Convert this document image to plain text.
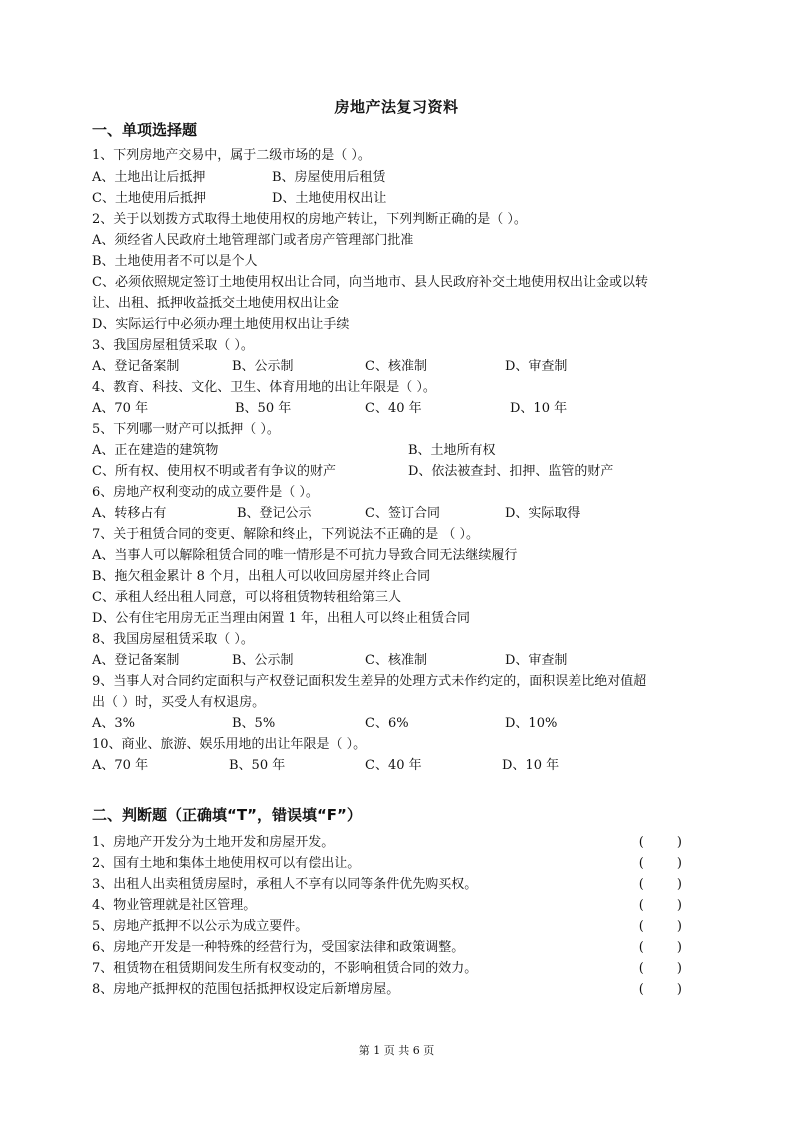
房地产法复习资料
一、单项选择题
1、下列房地产交易中，属于二级市场的是（ ）。
A、土地出让后抵押	B、房屋使用后租赁
C、土地使用后抵押	D、土地使用权出让
2、关于以划拨方式取得土地使用权的房地产转让，下列判断正确的是（ ）。
A、须经省人民政府土地管理部门或者房产管理部门批准
B、土地使用者不可以是个人
C、必须依照规定签订土地使用权出让合同，向当地市、县人民政府补交土地使用权出让金或以转
让、出租、抵押收益抵交土地使用权出让金
D、实际运行中必须办理土地使用权出让手续
3、我国房屋租赁采取（ ）。
A、登记备案制	B、公示制	C、核准制	D、审查制
4、教育、科技、文化、卫生、体育用地的出让年限是（ ）。
A、70 年	B、50 年	C、40 年	D、10 年
5、下列哪一财产可以抵押（ ）。
A、正在建造的建筑物	B、土地所有权
C、所有权、使用权不明或者有争议的财产	D、依法被查封、扣押、监管的财产
6、房地产权利变动的成立要件是（ ）。
A、转移占有	B、登记公示	C、签订合同	D、实际取得
7、关于租赁合同的变更、解除和终止，下列说法不正确的是 （ ）。
A、当事人可以解除租赁合同的唯一情形是不可抗力导致合同无法继续履行
B、拖欠租金累计 8 个月，出租人可以收回房屋并终止合同
C、承租人经出租人同意，可以将租赁物转租给第三人
D、公有住宅用房无正当理由闲置 1 年，出租人可以终止租赁合同
8、我国房屋租赁采取（ ）。
A、登记备案制	B、公示制	C、核准制	D、审查制
9、当事人对合同约定面积与产权登记面积发生差异的处理方式未作约定的，面积误差比绝对值超
出（ ）时，买受人有权退房。
A、3%	B、5%	C、6%	D、10%
10、商业、旅游、娱乐用地的出让年限是（ ）。
A、70 年	B、50 年	C、40 年	D、10 年
二、判断题（正确填“T”，错误填“F”）
1、房地产开发分为土地开发和房屋开发。	(        )
2、国有土地和集体土地使用权可以有偿出让。	(        )
3、出租人出卖租赁房屋时，承租人不享有以同等条件优先购买权。	(        )
4、物业管理就是社区管理。	(        )
5、房地产抵押不以公示为成立要件。	(        )
6、房地产开发是一种特殊的经营行为，受国家法律和政策调整。	(        )
7、租赁物在租赁期间发生所有权变动的，不影响租赁合同的效力。	(        )
8、房地产抵押权的范围包括抵押权设定后新增房屋。	(        )
第 1 页 共 6 页
